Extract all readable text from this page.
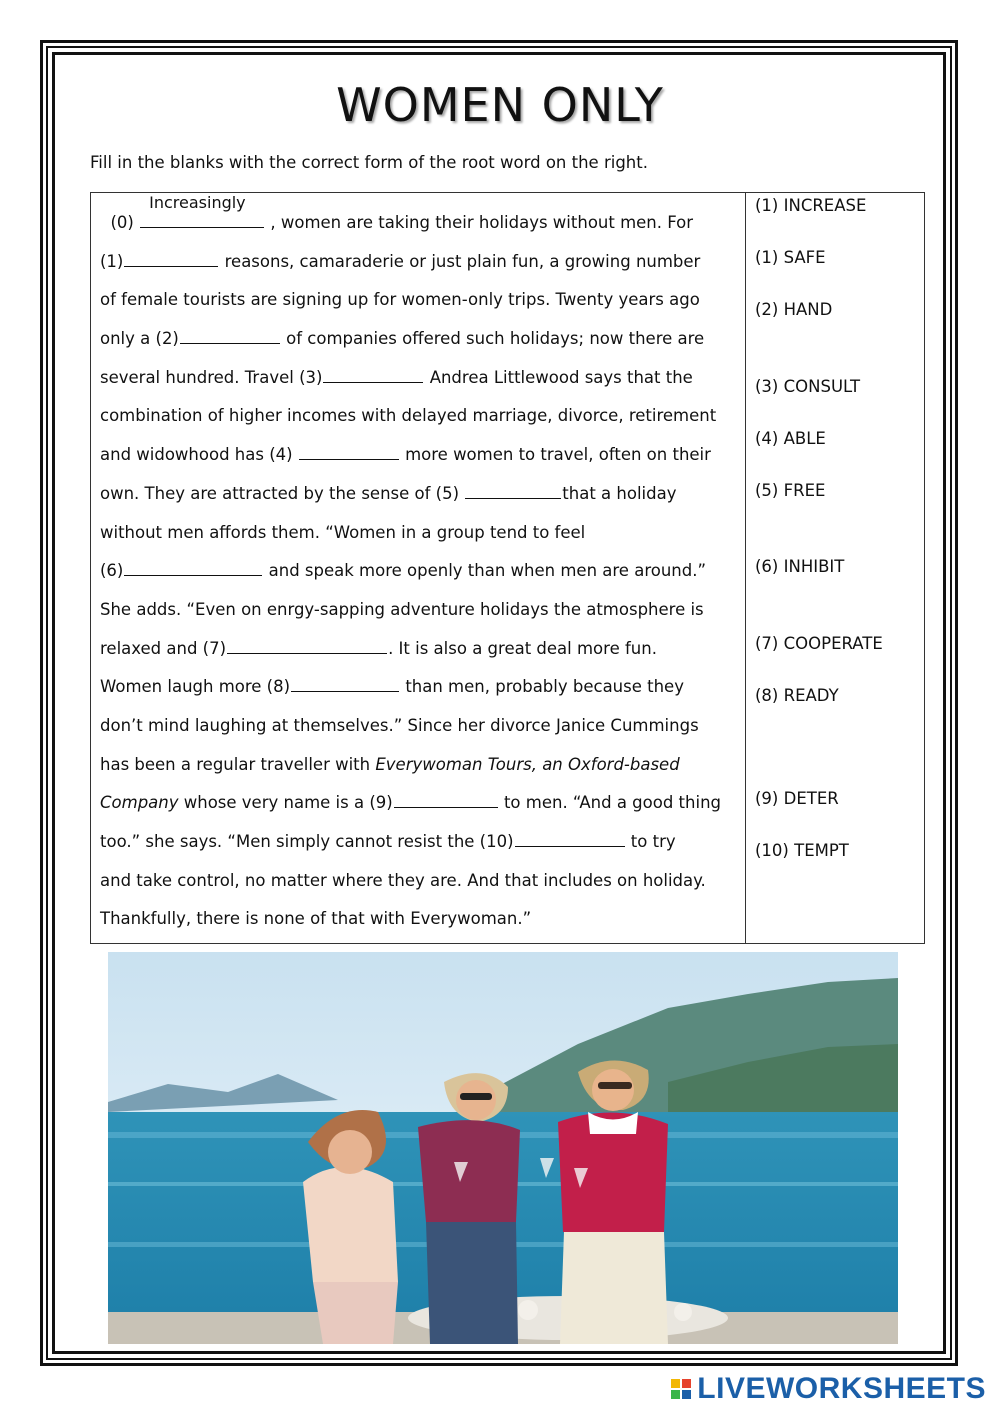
WOMEN ONLY
Fill in the blanks with the correct form of the root word on the right.
(0)
Increasingly
, women are taking their holidays without men. For
(1)	reasons, camaraderie or just plain fun, a growing number
of female tourists are signing up for women-only trips. Twenty years ago
only a (2)	of companies offered such holidays; now there are
several hundred. Travel (3)	Andrea Littlewood says that the
combination of higher incomes with delayed marriage, divorce, retirement
and widowhood has (4)	more women to travel, often on their
own. They are attracted by the sense of (5)	that a holiday
without men affords them. “Women in a group tend to feel
(6)	and speak more openly than when men are around.”
She adds. “Even on enrgy-sapping adventure holidays the atmosphere is
relaxed and (7)	. It is also a great deal more fun.
Women laugh more (8)	than men, probably because they
don’t mind laughing at themselves.” Since her divorce Janice Cummings
has been a regular traveller with Everywoman Tours, an Oxford-based
Company whose very name is a (9)	to men. “And a good thing
too.” she says. “Men simply cannot resist the (10)	to try
and take control, no matter where they are. And that includes on holiday.
Thankfully, there is none of that with Everywoman.”
(1) INCREASE
(1) SAFE
(2) HAND
(3) CONSULT
(4) ABLE
(5) FREE
(6) INHIBIT
(7) COOPERATE
(8) READY
(9) DETER
(10) TEMPT
LIVEWORKSHEETS
